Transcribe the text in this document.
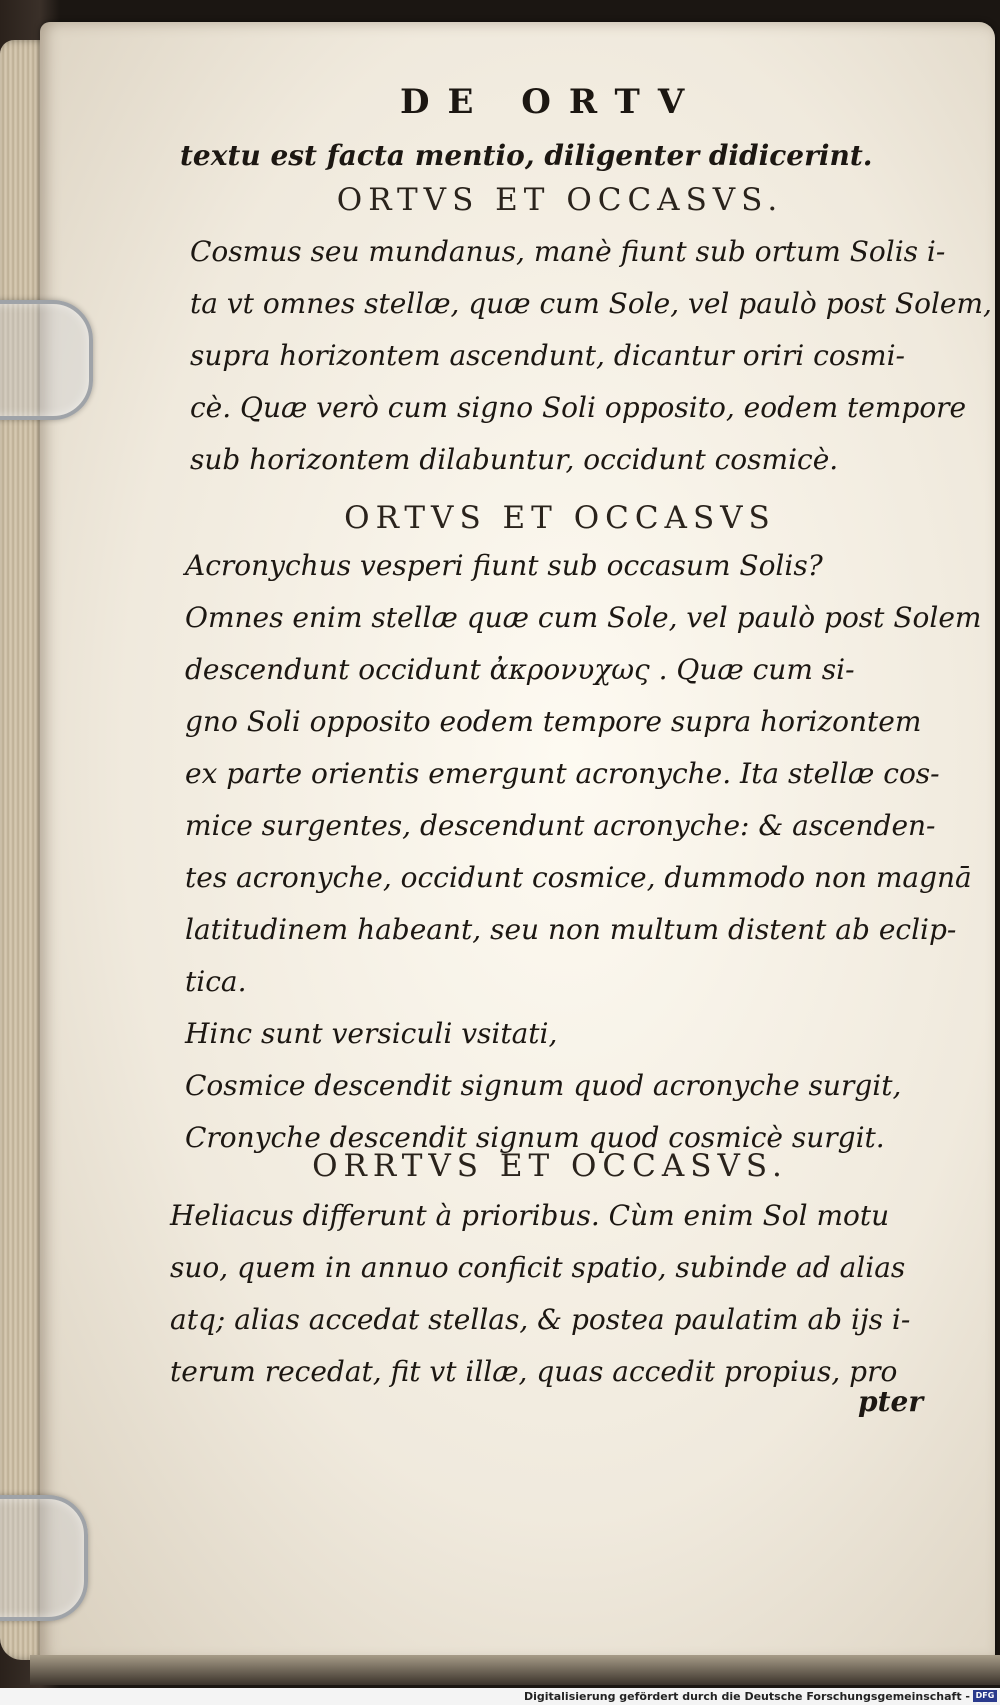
DE ORTV

textu est facta mentio, diligenter didicerint.

ORTVS ET OCCASVS.

Cosmus seu mundanus, manè fiunt sub ortum Solis i-

ta vt omnes stellæ, quæ cum Sole, vel paulò post Solem,

supra horizontem ascendunt, dicantur oriri cosmi-

cè. Quæ verò cum signo Soli opposito, eodem tempore

sub horizontem dilabuntur, occidunt cosmicè.

ORTVS ET OCCASVS

Acronychus vesperi fiunt sub occasum Solis?

Omnes enim stellæ quæ cum Sole, vel paulò post Solem

descendunt occidunt ἀκρονυχως . Quæ cum si-

gno Soli opposito eodem tempore supra horizontem

ex parte orientis emergunt acronyche. Ita stellæ cos-

mice surgentes, descendunt acronyche: & ascenden-

tes acronyche, occidunt cosmice, dummodo non magnā

latitudinem habeant, seu non multum distent ab eclip-

tica.

Hinc sunt versiculi vsitati,

Cosmice descendit signum quod acronyche surgit,

Cronyche descendit signum quod cosmicè surgit.

ORRTVS ET OCCASVS.

Heliacus differunt à prioribus. Cùm enim Sol motu

suo, quem in annuo conficit spatio, subinde ad alias

atq; alias accedat stellas, & postea paulatim ab ijs i-

terum recedat, fit vt illæ, quas accedit propius, pro

pter
Digitalisierung gefördert durch die Deutsche Forschungsgemeinschaft - DFG
